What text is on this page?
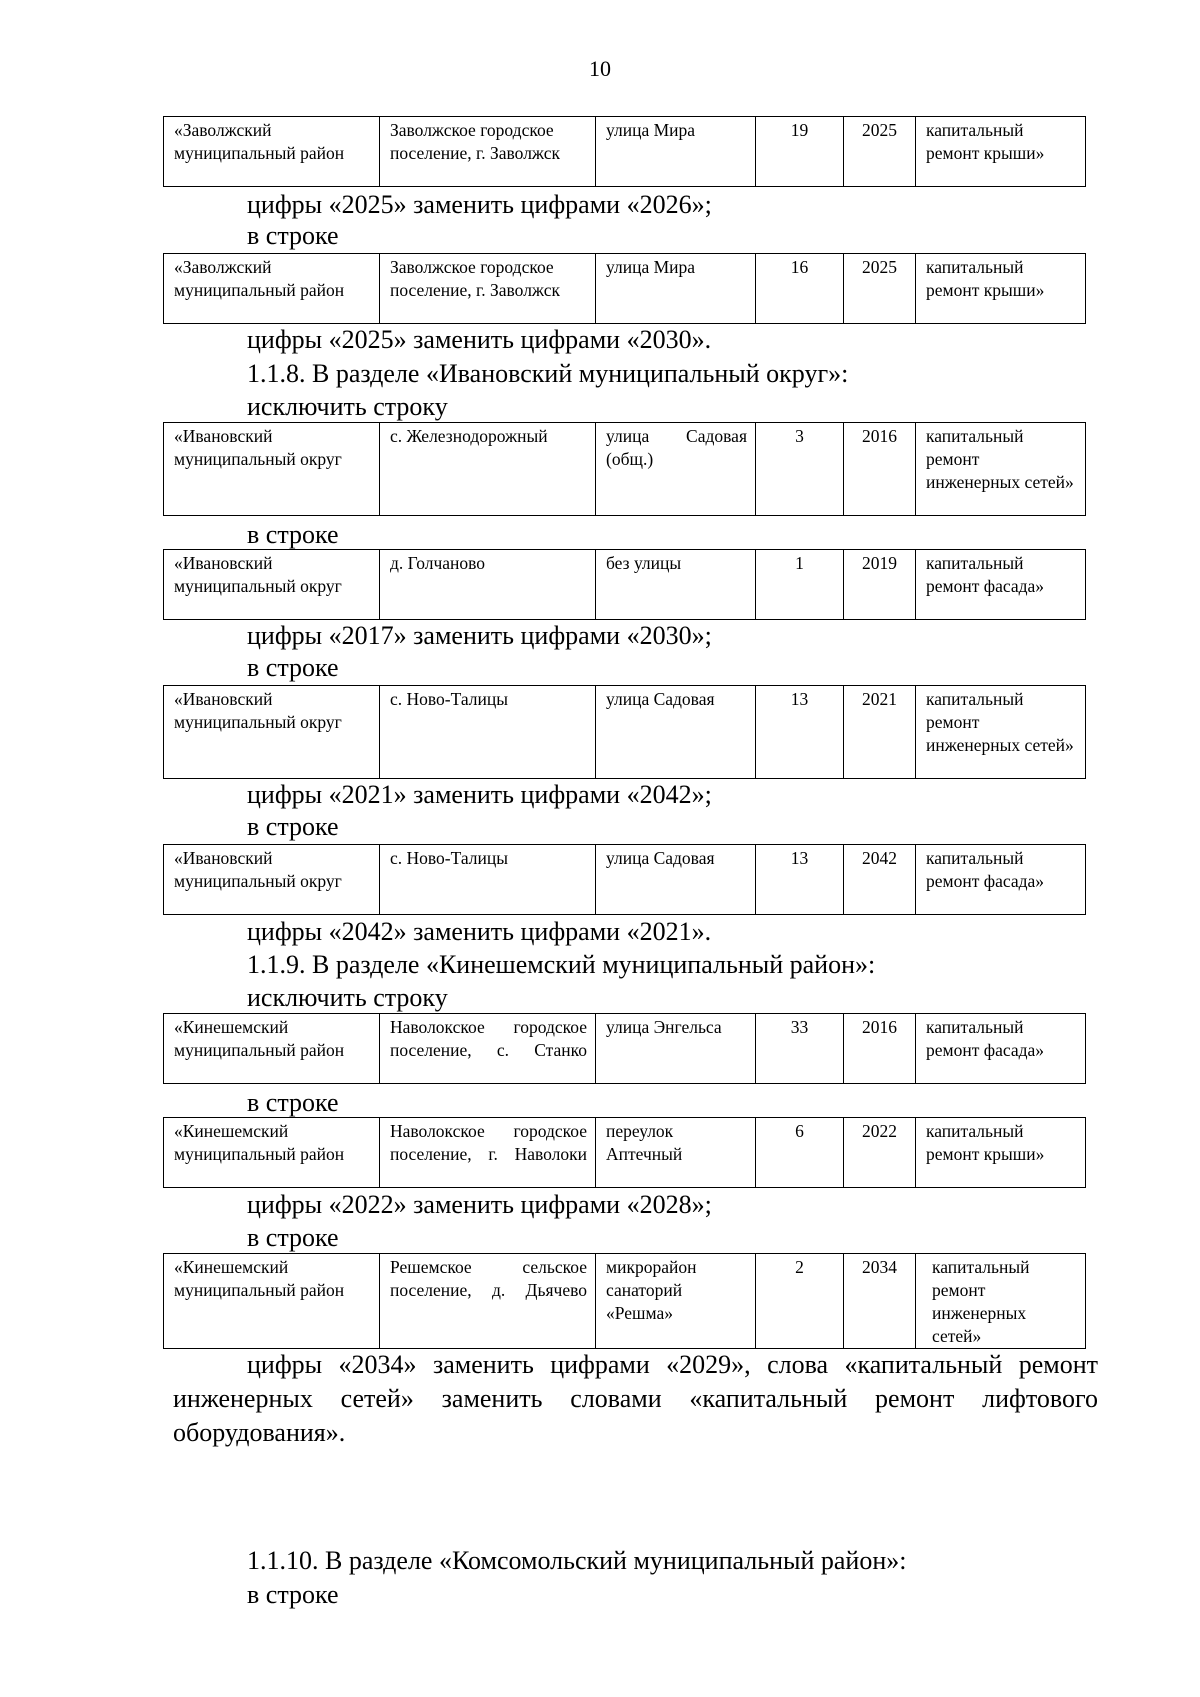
10
«Заволжский муниципальный район	Заволжское городское поселение, г. Заволжск	улица Мира	19	2025	капитальный ремонт крыши»
цифры «2025» заменить цифрами «2026»;
в строке
«Заволжский муниципальный район	Заволжское городское поселение, г. Заволжск	улица Мира	16	2025	капитальный ремонт крыши»
цифры «2025» заменить цифрами «2030».
1.1.8. В разделе «Ивановский муниципальный округ»:
исключить строку
«Ивановский муниципальный округ	с. Железнодорожный	улица Садовая (общ.)	3	2016	капитальный ремонт инженерных сетей»
в строке
«Ивановский муниципальный округ	д. Голчаново	без улицы	1	2019	капитальный ремонт фасада»
цифры «2017» заменить цифрами «2030»;
в строке
«Ивановский муниципальный округ	с. Ново-Талицы	улица Садовая	13	2021	капитальный ремонт инженерных сетей»
цифры «2021» заменить цифрами «2042»;
в строке
«Ивановский муниципальный округ	с. Ново-Талицы	улица Садовая	13	2042	капитальный ремонт фасада»
цифры «2042» заменить цифрами «2021».
1.1.9. В разделе «Кинешемский муниципальный район»:
исключить строку
«Кинешемский муниципальный район	Наволокское городское поселение, с. Станко	улица Энгельса	33	2016	капитальный ремонт фасада»
в строке
«Кинешемский муниципальный район	Наволокское городское поселение, г. Наволоки	переулок Аптечный	6	2022	капитальный ремонт крыши»
цифры «2022» заменить цифрами «2028»;
в строке
«Кинешемский муниципальный район	Решемское сельское поселение, д. Дьячево	микрорайон санаторий «Решма»	2	2034	капитальный ремонт инженерных сетей»
цифры «2034» заменить цифрами «2029», слова «капитальный ремонт инженерных сетей» заменить словами «капитальный ремонт лифтового оборудования».
1.1.10. В разделе «Комсомольский муниципальный район»:
в строке
